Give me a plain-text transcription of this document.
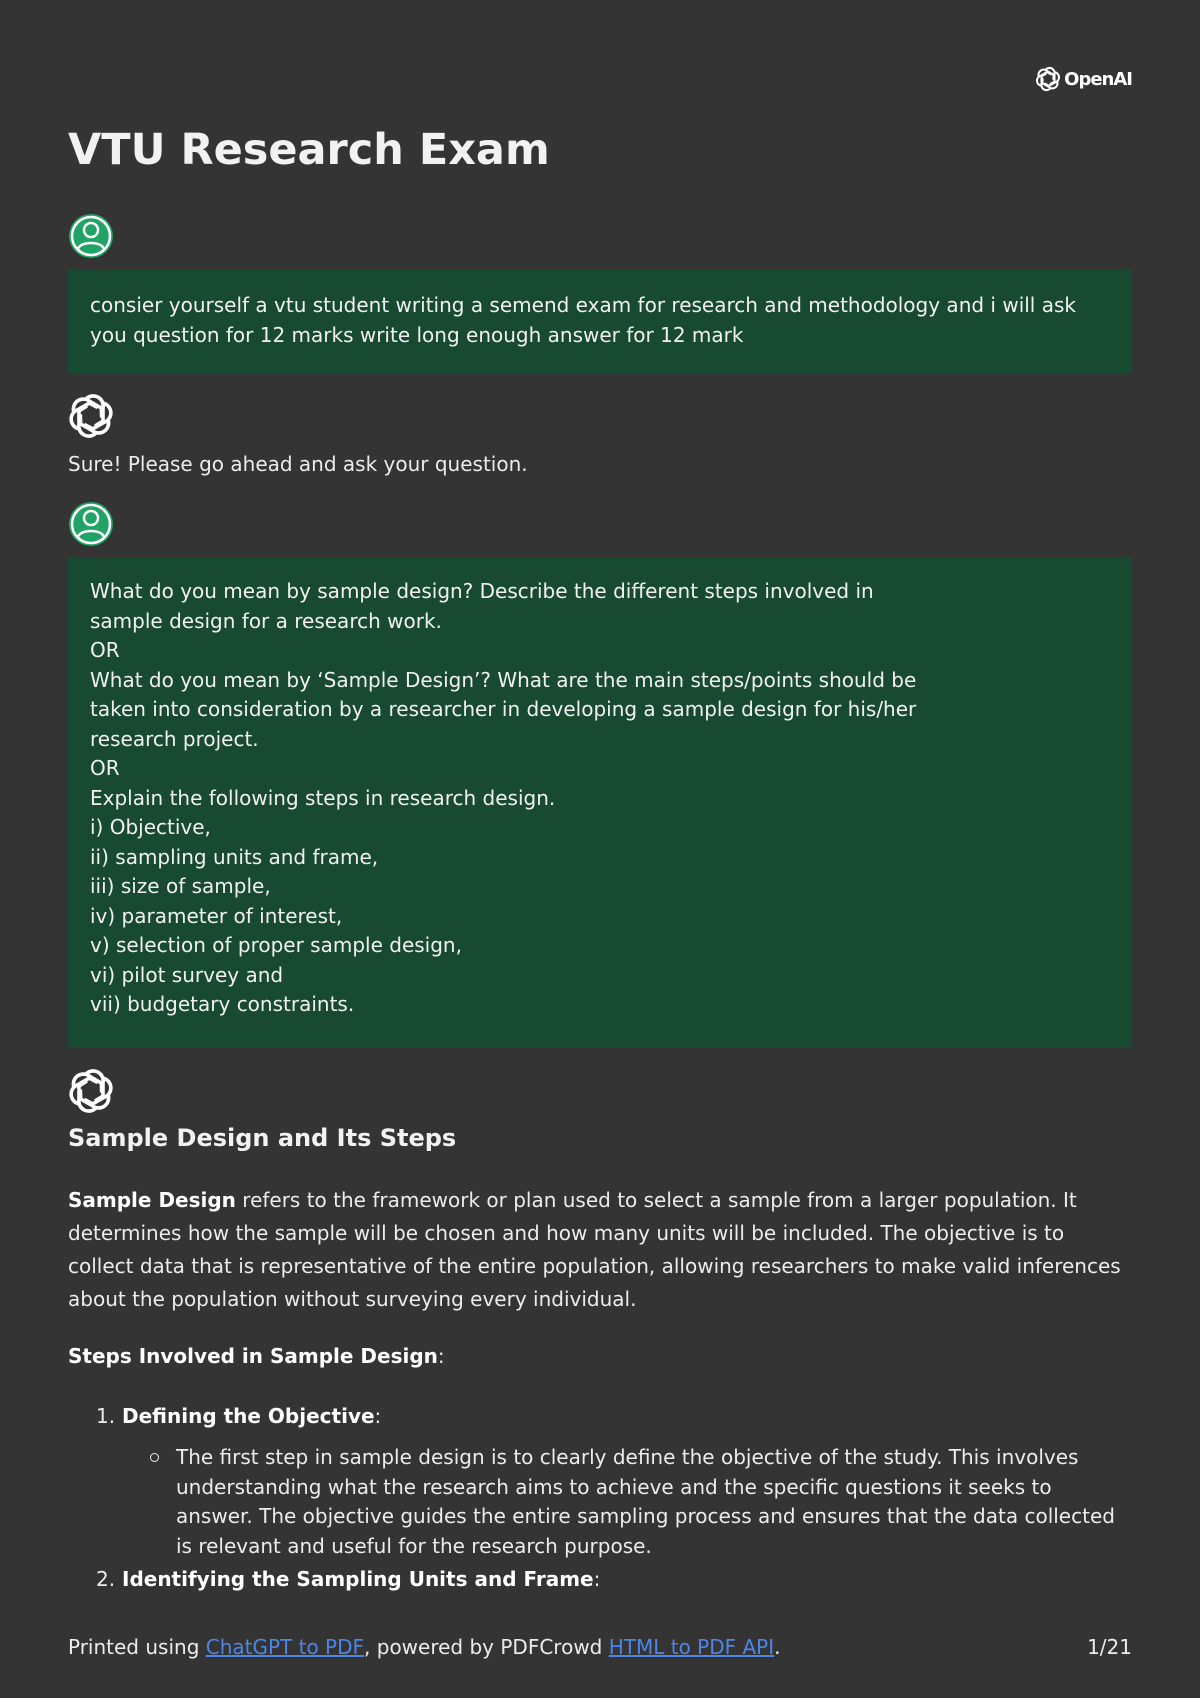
OpenAI
VTU Research Exam

consier yourself a vtu student writing a semend exam for research and methodology and i will ask you question for 12 marks write long enough answer for 12 mark

Sure! Please go ahead and ask your question.

What do you mean by sample design? Describe the different steps involved in

sample design for a research work.

OR

What do you mean by ‘Sample Design’? What are the main steps/points should be

taken into consideration by a researcher in developing a sample design for his/her

research project.

OR

Explain the following steps in research design.

i) Objective,

ii) sampling units and frame,

iii) size of sample,

iv) parameter of interest,

v) selection of proper sample design,

vi) pilot survey and

vii) budgetary constraints.

Sample Design and Its Steps

Sample Design refers to the framework or plan used to select a sample from a larger population. It determines how the sample will be chosen and how many units will be included. The objective is to collect data that is representative of the entire population, allowing researchers to make valid inferences about the population without surveying every individual.

Steps Involved in Sample Design:

1. Defining the Objective:

The first step in sample design is to clearly define the objective of the study. This involves understanding what the research aims to achieve and the specific questions it seeks to answer. The objective guides the entire sampling process and ensures that the data collected is relevant and useful for the research purpose.

2. Identifying the Sampling Units and Frame:

Printed using ChatGPT to PDF, powered by PDFCrowd HTML to PDF API.	1/21
